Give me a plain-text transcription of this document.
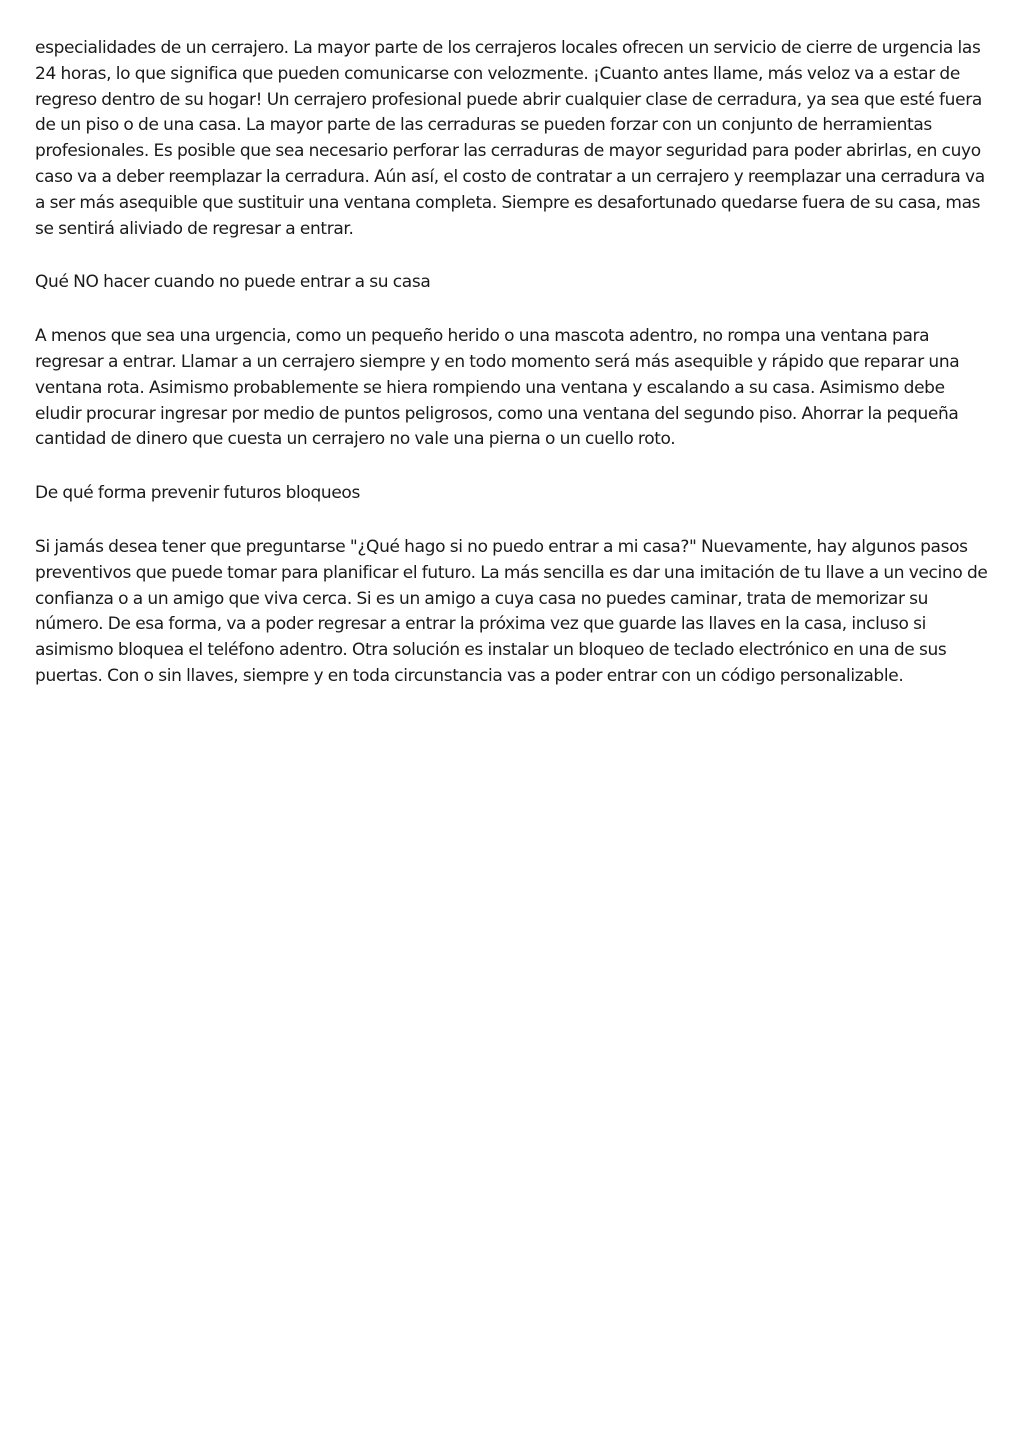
especialidades de un cerrajero. La mayor parte de los cerrajeros locales ofrecen un servicio de cierre de urgencia las 24 horas, lo que significa que pueden comunicarse con velozmente. ¡Cuanto antes llame, más veloz va a estar de regreso dentro de su hogar! Un cerrajero profesional puede abrir cualquier clase de cerradura, ya sea que esté fuera de un piso o de una casa. La mayor parte de las cerraduras se pueden forzar con un conjunto de herramientas profesionales. Es posible que sea necesario perforar las cerraduras de mayor seguridad para poder abrirlas, en cuyo caso va a deber reemplazar la cerradura. Aún así, el costo de contratar a un cerrajero y reemplazar una cerradura va a ser más asequible que sustituir una ventana completa. Siempre es desafortunado quedarse fuera de su casa, mas se sentirá aliviado de regresar a entrar.

Qué NO hacer cuando no puede entrar a su casa

A menos que sea una urgencia, como un pequeño herido o una mascota adentro, no rompa una ventana para regresar a entrar. Llamar a un cerrajero siempre y en todo momento será más asequible y rápido que reparar una ventana rota. Asimismo probablemente se hiera rompiendo una ventana y escalando a su casa. Asimismo debe eludir procurar ingresar por medio de puntos peligrosos, como una ventana del segundo piso. Ahorrar la pequeña cantidad de dinero que cuesta un cerrajero no vale una pierna o un cuello roto.

De qué forma prevenir futuros bloqueos

Si jamás desea tener que preguntarse "¿Qué hago si no puedo entrar a mi casa?" Nuevamente, hay algunos pasos preventivos que puede tomar para planificar el futuro. La más sencilla es dar una imitación de tu llave a un vecino de confianza o a un amigo que viva cerca. Si es un amigo a cuya casa no puedes caminar, trata de memorizar su número. De esa forma, va a poder regresar a entrar la próxima vez que guarde las llaves en la casa, incluso si asimismo bloquea el teléfono adentro. Otra solución es instalar un bloqueo de teclado electrónico en una de sus puertas. Con o sin llaves, siempre y en toda circunstancia vas a poder entrar con un código personalizable.
